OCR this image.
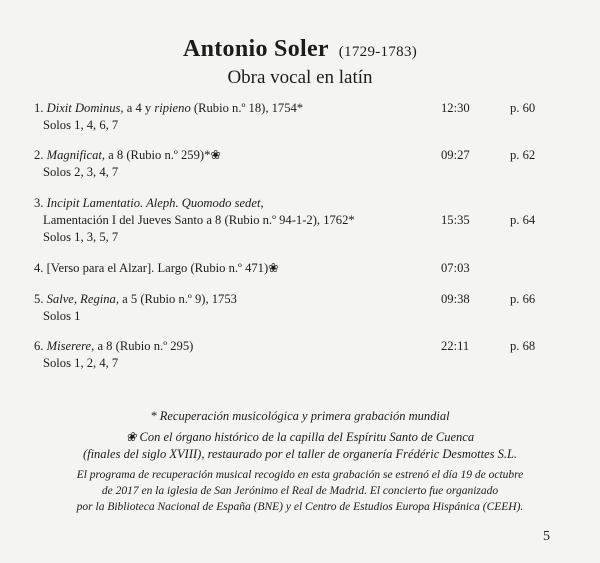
Antonio Soler (1729-1783)
Obra vocal en latín
1. Dixit Dominus, a 4 y ripieno (Rubio n.º 18), 1754*	12:30	p. 60
Solos 1, 4, 6, 7
2. Magnificat, a 8 (Rubio n.º 259)*❀	09:27	p. 62
Solos 2, 3, 4, 7
3. Incipit Lamentatio. Aleph. Quomodo sedet,
Lamentación I del Jueves Santo a 8 (Rubio n.º 94-1-2), 1762*	15:35	p. 64
Solos 1, 3, 5, 7
4. [Verso para el Alzar]. Largo (Rubio n.º 471)❀	07:03
5. Salve, Regina, a 5 (Rubio n.º 9), 1753	09:38	p. 66
Solos 1
6. Miserere, a 8 (Rubio n.º 295)	22:11	p. 68
Solos 1, 2, 4, 7
* Recuperación musicológica y primera grabación mundial
❀ Con el órgano histórico de la capilla del Espíritu Santo de Cuenca
(finales del siglo XVIII), restaurado por el taller de organería Frédéric Desmottes S.L.
El programa de recuperación musical recogido en esta grabación se estrenó el día 19 de octubre
de 2017 en la iglesia de San Jerónimo el Real de Madrid. El concierto fue organizado
por la Biblioteca Nacional de España (BNE) y el Centro de Estudios Europa Hispánica (CEEH).
5
